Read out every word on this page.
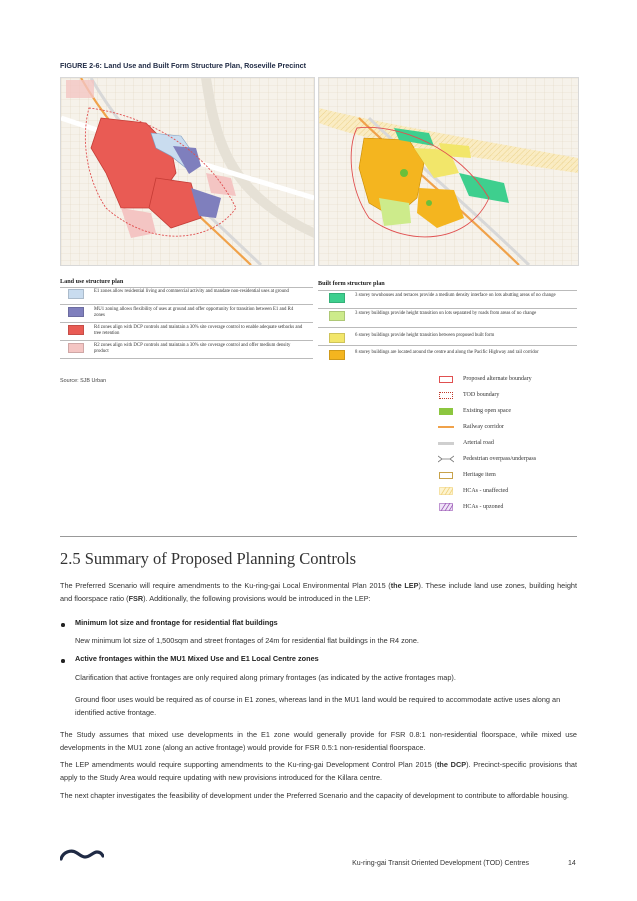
FIGURE 2-6: Land Use and Built Form Structure Plan, Roseville Precinct
Land use structure plan
E1 zones allow residential living and commercial activity and mandate non-residential uses at ground
MU1 zoning allows flexibility of uses at ground and offer opportunity for transition between E1 and R4 zones
R4 zones align with DCP controls and maintain a 30% site coverage control to enable adequate setbacks and tree retention
R2 zones align with DCP controls and maintain a 30% site coverage control and offer medium density product
Built form structure plan
3 storey townhouses and terraces provide a medium density interface on lots abutting areas of no change
3 storey buildings provide height transition on lots separated by roads from areas of no change
6 storey buildings provide height transition between proposed built form
8 storey buildings are located around the centre and along the Pacific Highway and rail corridor
Source: SJB Urban	Proposed alternate boundary
TOD boundary
Existing open space
Railway corridor
Arterial road
Pedestrian overpass/underpass
Heritage item
HCAs - unaffected
HCAs - upzoned
2.5 Summary of Proposed Planning Controls
The Preferred Scenario will require amendments to the Ku-ring-gai Local Environmental Plan 2015 (the LEP). These include land use zones, building height and floorspace ratio (FSR). Additionally, the following provisions would be introduced in the LEP:
Minimum lot size and frontage for residential flat buildings
New minimum lot size of 1,500sqm and street frontages of 24m for residential flat buildings in the R4 zone.
Active frontages within the MU1 Mixed Use and E1 Local Centre zones
Clarification that active frontages are only required along primary frontages (as indicated by the active frontages map).
Ground floor uses would be required as of course in E1 zones, whereas land in the MU1 land would be required to accommodate active uses along an identified active frontage.
The Study assumes that mixed use developments in the E1 zone would generally provide for FSR 0.8:1 non-residential floorspace, while mixed use developments in the MU1 zone (along an active frontage) would provide for FSR 0.5:1 non-residential floorspace.
The LEP amendments would require supporting amendments to the Ku-ring-gai Development Control Plan 2015 (the DCP). Precinct-specific provisions that apply to the Study Area would require updating with new provisions introduced for the Killara centre.
The next chapter investigates the feasibility of development under the Preferred Scenario and the capacity of development to contribute to affordable housing.
Ku-ring-gai Transit Oriented Development (TOD) Centres	14
